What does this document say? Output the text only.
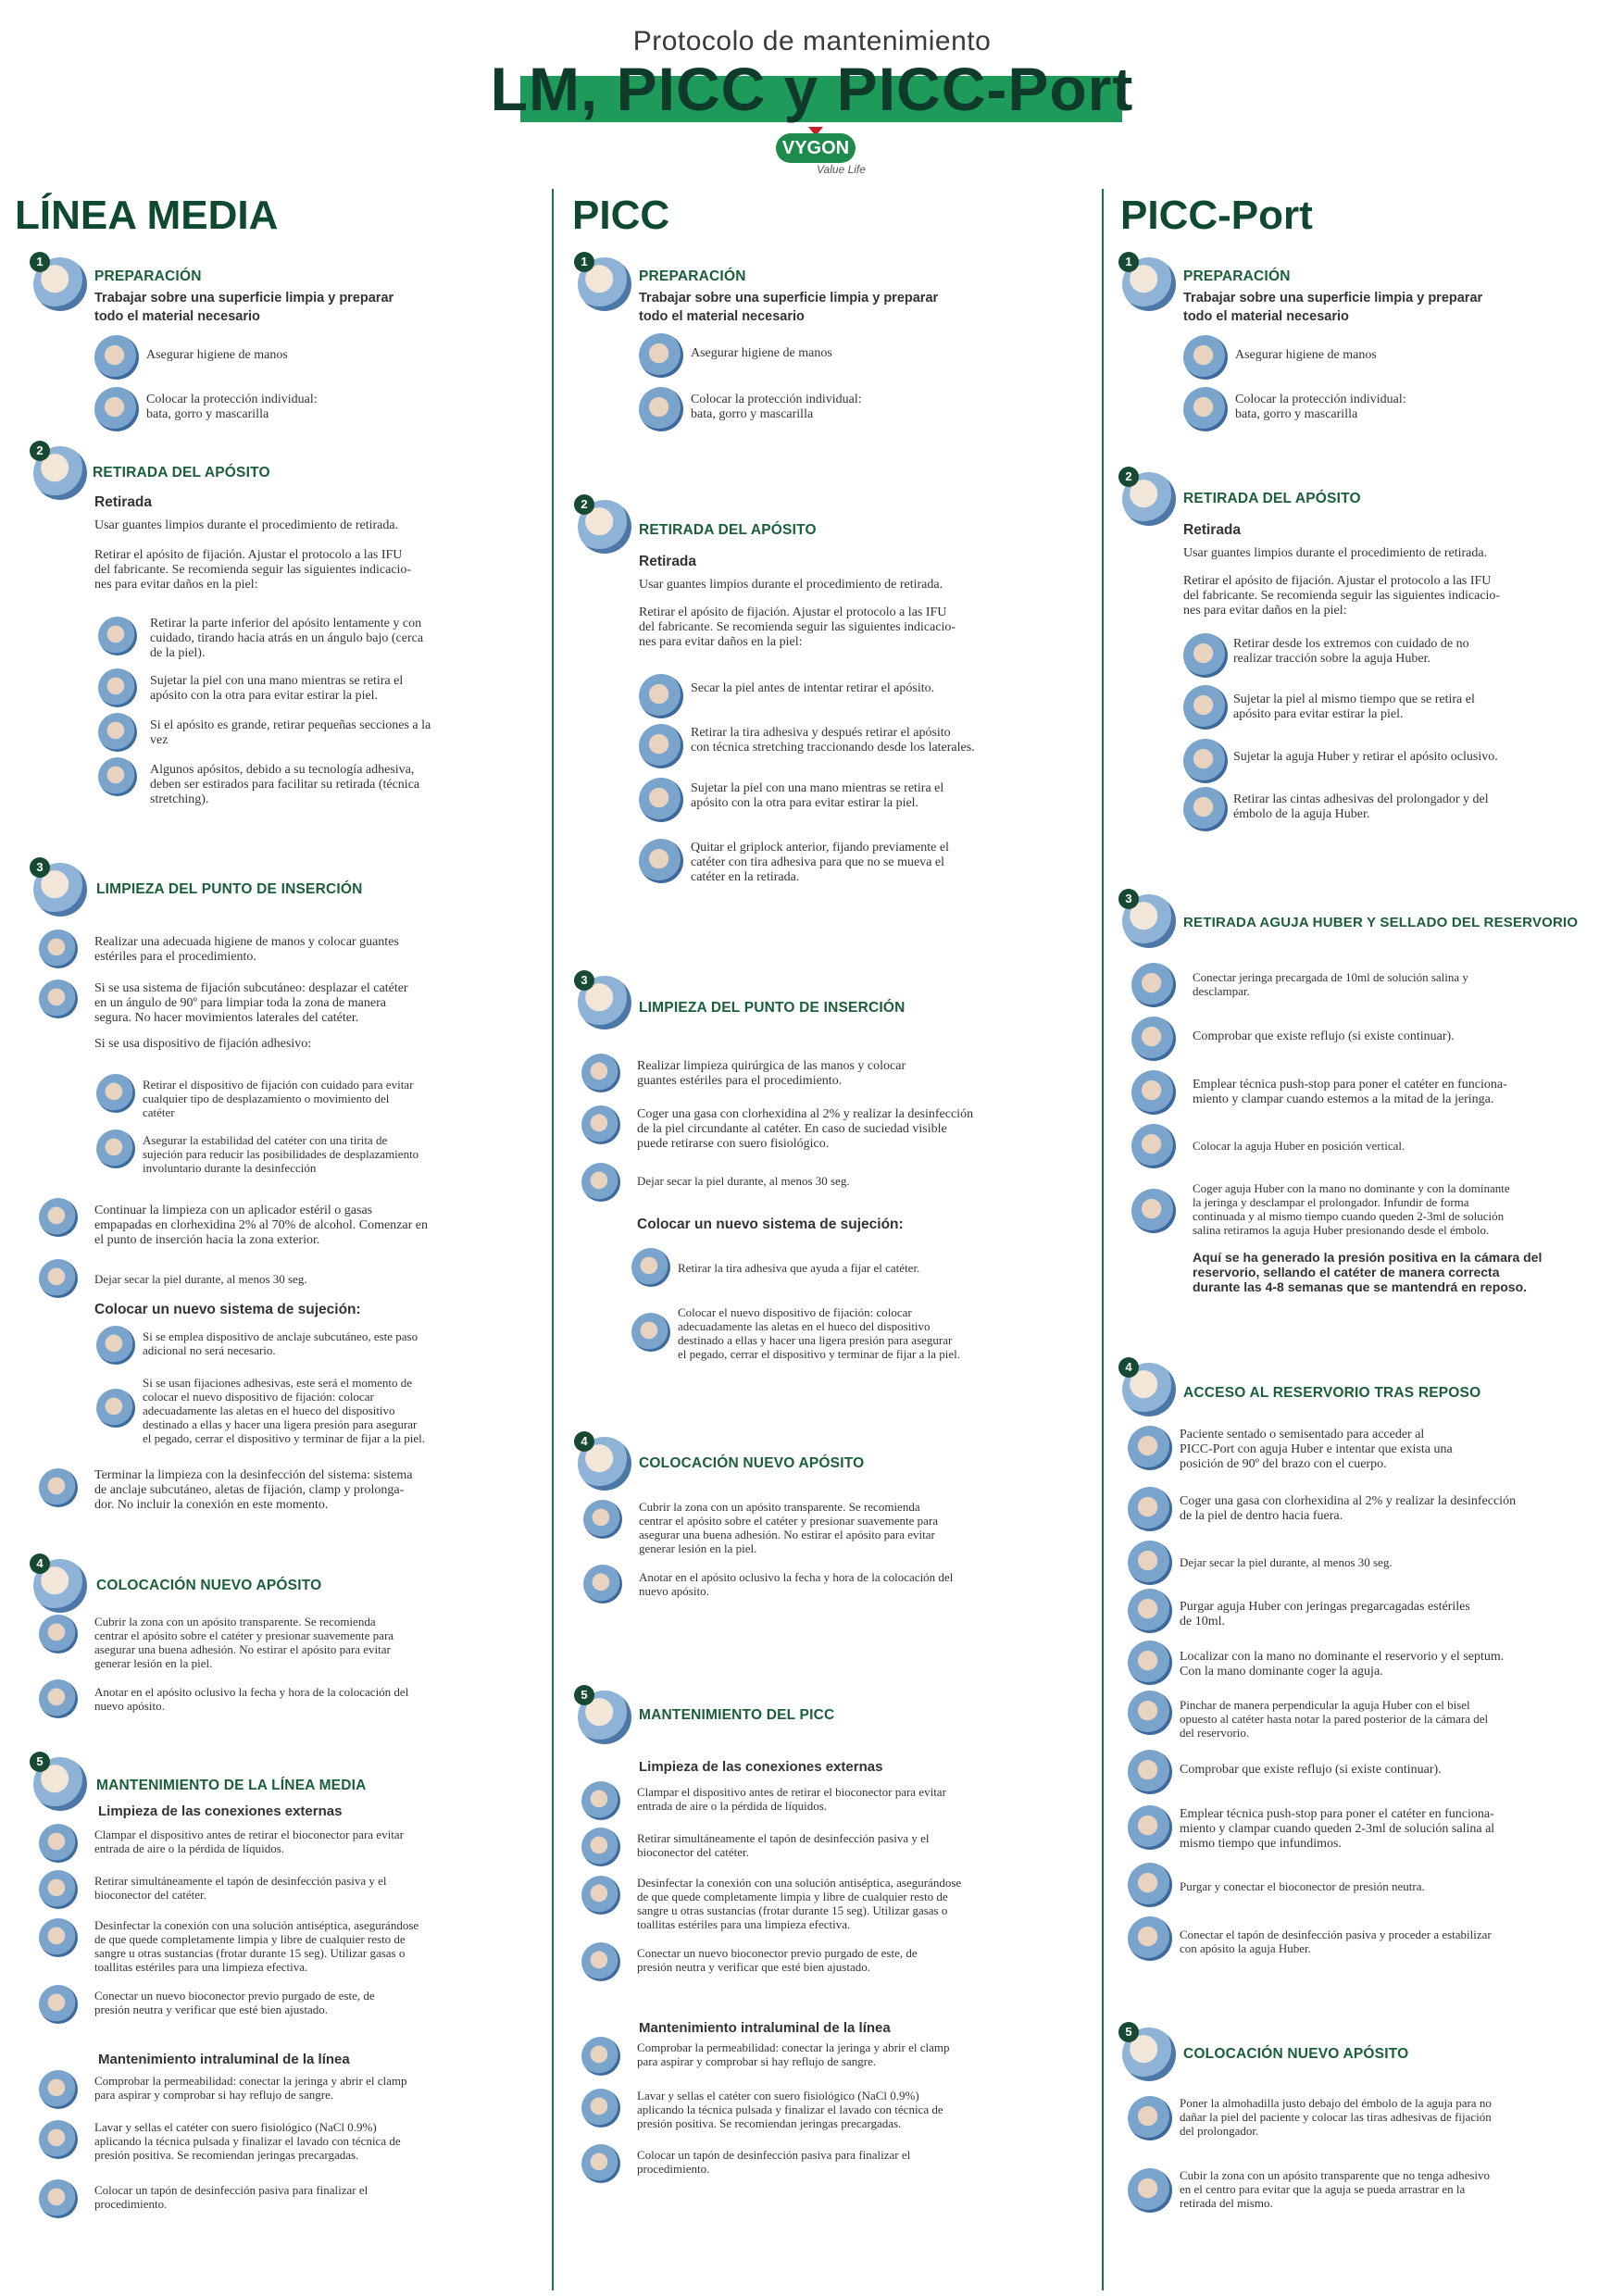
Protocolo de mantenimiento
LM, PICC y PICC-Port
VYGON
Value Life
LÍNEA MEDIA	PICC	PICC-Port
1
PREPARACIÓN
Trabajar sobre una superficie limpia y preparar
todo el material necesario
Asegurar higiene de manos
Colocar la protección individual:
bata, gorro y mascarilla
2
RETIRADA DEL APÓSITO
Retirada
Usar guantes limpios durante el procedimiento de retirada.
Retirar el apósito de fijación. Ajustar el protocolo a las IFU
del fabricante. Se recomienda seguir las siguientes indicacio-
nes para evitar daños en la piel:
Retirar la parte inferior del apósito lentamente y con
cuidado, tirando hacia atrás en un ángulo bajo (cerca
de la piel).
Sujetar la piel con una mano mientras se retira el
apósito con la otra para evitar estirar la piel.
Si el apósito es grande, retirar pequeñas secciones a la
vez
Algunos apósitos, debido a su tecnología adhesiva,
deben ser estirados para facilitar su retirada (técnica
stretching).
3
LIMPIEZA DEL PUNTO DE INSERCIÓN
Realizar una adecuada higiene de manos y colocar guantes
estériles para el procedimiento.
Si se usa sistema de fijación subcutáneo: desplazar el catéter
en un ángulo de 90º para limpiar toda la zona de manera
segura. No hacer movimientos laterales del catéter.
Si se usa dispositivo de fijación adhesivo:
Retirar el dispositivo de fijación con cuidado para evitar
cualquier tipo de desplazamiento o movimiento del
catéter
Asegurar la estabilidad del catéter con una tirita de
sujeción para reducir las posibilidades de desplazamiento
involuntario durante la desinfección
Continuar la limpieza con un aplicador estéril o gasas
empapadas en clorhexidina 2% al 70% de alcohol. Comenzar en
el punto de inserción hacia la zona exterior.
Dejar secar la piel durante, al menos 30 seg.
Colocar un nuevo sistema de sujeción:
Si se emplea dispositivo de anclaje subcutáneo, este paso
adicional no será necesario.
Si se usan fijaciones adhesivas, este será el momento de
colocar el nuevo dispositivo de fijación: colocar
adecuadamente las aletas en el hueco del dispositivo
destinado a ellas y hacer una ligera presión para asegurar
el pegado, cerrar el dispositivo y terminar de fijar a la piel.
Terminar la limpieza con la desinfección del sistema: sistema
de anclaje subcutáneo, aletas de fijación, clamp y prolonga-
dor. No incluir la conexión en este momento.
4
COLOCACIÓN NUEVO APÓSITO
Cubrir la zona con un apósito transparente. Se recomienda
centrar el apósito sobre el catéter y presionar suavemente para
asegurar una buena adhesión. No estirar el apósito para evitar
generar lesión en la piel.
Anotar en el apósito oclusivo la fecha y hora de la colocación del
nuevo apósito.
5
MANTENIMIENTO DE LA LÍNEA MEDIA
Limpieza de las conexiones externas
Clampar el dispositivo antes de retirar el bioconector para evitar
entrada de aire o la pérdida de líquidos.
Retirar simultáneamente el tapón de desinfección pasiva y el
bioconector del catéter.
Desinfectar la conexión con una solución antiséptica, asegurándose
de que quede completamente limpia y libre de cualquier resto de
sangre u otras sustancias (frotar durante 15 seg). Utilizar gasas o
toallitas estériles para una limpieza efectiva.
Conectar un nuevo bioconector previo purgado de este, de
presión neutra y verificar que esté bien ajustado.
Mantenimiento intraluminal de la línea
Comprobar la permeabilidad: conectar la jeringa y abrir el clamp
para aspirar y comprobar si hay reflujo de sangre.
Lavar y sellas el catéter con suero fisiológico (NaCl 0.9%)
aplicando la técnica pulsada y finalizar el lavado con técnica de
presión positiva. Se recomiendan jeringas precargadas.
Colocar un tapón de desinfección pasiva para finalizar el
procedimiento.
1
PREPARACIÓN
Trabajar sobre una superficie limpia y preparar
todo el material necesario
Asegurar higiene de manos
Colocar la protección individual:
bata, gorro y mascarilla
2
RETIRADA DEL APÓSITO
Retirada
Usar guantes limpios durante el procedimiento de retirada.
Retirar el apósito de fijación. Ajustar el protocolo a las IFU
del fabricante. Se recomienda seguir las siguientes indicacio-
nes para evitar daños en la piel:
Secar la piel antes de intentar retirar el apósito.
Retirar la tira adhesiva y después retirar el apósito
con técnica stretching traccionando desde los laterales.
Sujetar la piel con una mano mientras se retira el
apósito con la otra para evitar estirar la piel.
Quitar el griplock anterior, fijando previamente el
catéter con tira adhesiva para que no se mueva el
catéter en la retirada.
3
LIMPIEZA DEL PUNTO DE INSERCIÓN
Realizar limpieza quirúrgica de las manos y colocar
guantes estériles para el procedimiento.
Coger una gasa con clorhexidina al 2% y realizar la desinfección
de la piel circundante al catéter. En caso de suciedad visible
puede retirarse con suero fisiológico.
Dejar secar la piel durante, al menos 30 seg.
Colocar un nuevo sistema de sujeción:
Retirar la tira adhesiva que ayuda a fijar el catéter.
Colocar el nuevo dispositivo de fijación: colocar
adecuadamente las aletas en el hueco del dispositivo
destinado a ellas y hacer una ligera presión para asegurar
el pegado, cerrar el dispositivo y terminar de fijar a la piel.
4
COLOCACIÓN NUEVO APÓSITO
Cubrir la zona con un apósito transparente. Se recomienda
centrar el apósito sobre el catéter y presionar suavemente para
asegurar una buena adhesión. No estirar el apósito para evitar
generar lesión en la piel.
Anotar en el apósito oclusivo la fecha y hora de la colocación del
nuevo apósito.
5
MANTENIMIENTO DEL PICC
Limpieza de las conexiones externas
Clampar el dispositivo antes de retirar el bioconector para evitar
entrada de aire o la pérdida de líquidos.
Retirar simultáneamente el tapón de desinfección pasiva y el
bioconector del catéter.
Desinfectar la conexión con una solución antiséptica, asegurándose
de que quede completamente limpia y libre de cualquier resto de
sangre u otras sustancias (frotar durante 15 seg). Utilizar gasas o
toallitas estériles para una limpieza efectiva.
Conectar un nuevo bioconector previo purgado de este, de
presión neutra y verificar que esté bien ajustado.
Mantenimiento intraluminal de la línea
Comprobar la permeabilidad: conectar la jeringa y abrir el clamp
para aspirar y comprobar si hay reflujo de sangre.
Lavar y sellas el catéter con suero fisiológico (NaCl 0.9%)
aplicando la técnica pulsada y finalizar el lavado con técnica de
presión positiva. Se recomiendan jeringas precargadas.
Colocar un tapón de desinfección pasiva para finalizar el
procedimiento.
1
PREPARACIÓN
Trabajar sobre una superficie limpia y preparar
todo el material necesario
Asegurar higiene de manos
Colocar la protección individual:
bata, gorro y mascarilla
2
RETIRADA DEL APÓSITO
Retirada
Usar guantes limpios durante el procedimiento de retirada.
Retirar el apósito de fijación. Ajustar el protocolo a las IFU
del fabricante. Se recomienda seguir las siguientes indicacio-
nes para evitar daños en la piel:
Retirar desde los extremos con cuidado de no
realizar tracción sobre la aguja Huber.
Sujetar la piel al mismo tiempo que se retira el
apósito para evitar estirar la piel.
Sujetar la aguja Huber y retirar el apósito oclusivo.
Retirar las cintas adhesivas del prolongador y del
émbolo de la aguja Huber.
3
RETIRADA AGUJA HUBER Y SELLADO DEL RESERVORIO
Conectar jeringa precargada de 10ml de solución salina y
desclampar.
Comprobar que existe reflujo (si existe continuar).
Emplear técnica push-stop para poner el catéter en funciona-
miento y clampar cuando estemos a la mitad de la jeringa.
Colocar la aguja Huber en posición vertical.
Coger aguja Huber con la mano no dominante y con la dominante
la jeringa y desclampar el prolongador. Infundir de forma
continuada y al mismo tiempo cuando queden 2-3ml de solución
salina retiramos la aguja Huber presionando desde el émbolo.
Aquí se ha generado la presión positiva en la cámara del
reservorio, sellando el catéter de manera correcta
durante las 4-8 semanas que se mantendrá en reposo.
4
ACCESO AL RESERVORIO TRAS REPOSO
Paciente sentado o semisentado para acceder al
PICC-Port con aguja Huber e intentar que exista una
posición de 90º del brazo con el cuerpo.
Coger una gasa con clorhexidina al 2% y realizar la desinfección
de la piel de dentro hacia fuera.
Dejar secar la piel durante, al menos 30 seg.
Purgar aguja Huber con jeringas pregarcagadas estériles
de 10ml.
Localizar con la mano no dominante el reservorio y el septum.
Con la mano dominante coger la aguja.
Pinchar de manera perpendicular la aguja Huber con el bisel
opuesto al catéter hasta notar la pared posterior de la cámara del
del reservorio.
Comprobar que existe reflujo (si existe continuar).
Emplear técnica push-stop para poner el catéter en funciona-
miento y clampar cuando queden 2-3ml de solución salina al
mismo tiempo que infundimos.
Purgar y conectar el bioconector de presión neutra.
Conectar el tapón de desinfección pasiva y proceder a estabilizar
con apósito la aguja Huber.
5
COLOCACIÓN NUEVO APÓSITO
Poner la almohadilla justo debajo del émbolo de la aguja para no
dañar la piel del paciente y colocar las tiras adhesivas de fijación
del prolongador.
Cubir la zona con un apósito transparente que no tenga adhesivo
en el centro para evitar que la aguja se pueda arrastrar en la
retirada del mismo.
